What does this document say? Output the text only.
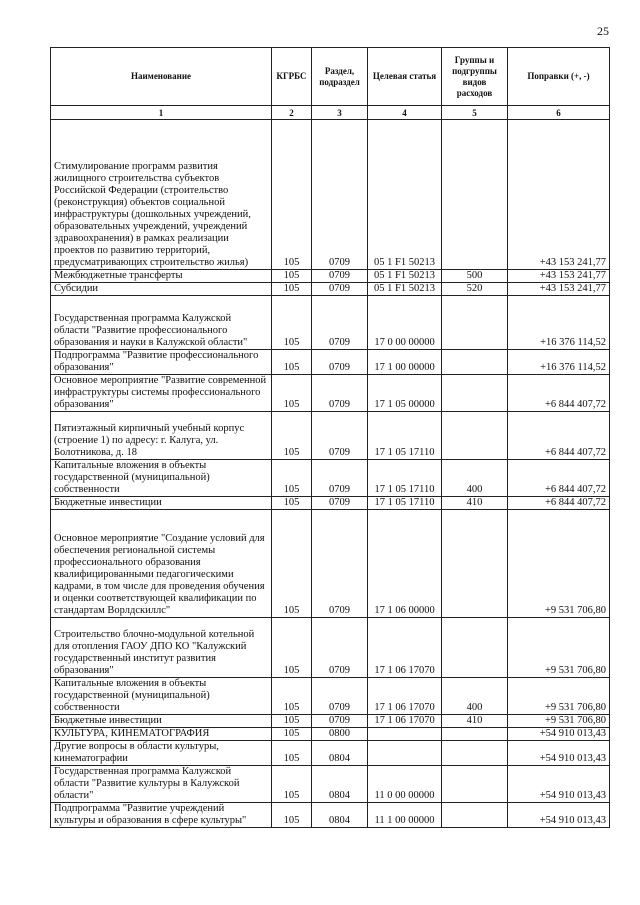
25
Наименование	КГРБС	Раздел, подраздел	Целевая статья	Группы и подгруппы видов расходов	Поправки (+, -)
1	2	3	4	5	6
Стимулирование программ развития жилищного строительства субъектов Российской Федерации (строительство (реконструкция) объектов социальной инфраструктуры (дошкольных учреждений, образовательных учреждений, учреждений здравоохранения) в рамках реализации проектов по развитию территорий, предусматривающих строительство жилья)	105	0709	05 1 F1 50213		+43 153 241,77
Межбюджетные трансферты	105	0709	05 1 F1 50213	500	+43 153 241,77
Субсидии	105	0709	05 1 F1 50213	520	+43 153 241,77
Государственная программа Калужской области "Развитие профессионального образования и науки в Калужской области"	105	0709	17 0 00 00000		+16 376 114,52
Подпрограмма "Развитие профессионального образования"	105	0709	17 1 00 00000		+16 376 114,52
Основное мероприятие "Развитие современной инфраструктуры системы профессионального образования"	105	0709	17 1 05 00000		+6 844 407,72
Пятиэтажный кирпичный учебный корпус (строение 1) по адресу: г. Калуга, ул. Болотникова, д. 18	105	0709	17 1 05 17110		+6 844 407,72
Капитальные вложения в объекты государственной (муниципальной) собственности	105	0709	17 1 05 17110	400	+6 844 407,72
Бюджетные инвестиции	105	0709	17 1 05 17110	410	+6 844 407,72
Основное мероприятие "Создание условий для обеспечения региональной системы профессионального образования квалифицированными педагогическими кадрами, в том числе для проведения обучения и оценки соответствующей квалификации по стандартам Ворлдскиллс"	105	0709	17 1 06 00000		+9 531 706,80
Строительство блочно-модульной котельной для отопления ГАОУ ДПО КО "Калужский государственный институт развития образования"	105	0709	17 1 06 17070		+9 531 706,80
Капитальные вложения в объекты государственной (муниципальной) собственности	105	0709	17 1 06 17070	400	+9 531 706,80
Бюджетные инвестиции	105	0709	17 1 06 17070	410	+9 531 706,80
КУЛЬТУРА, КИНЕМАТОГРАФИЯ	105	0800			+54 910 013,43
Другие вопросы в области культуры, кинематографии	105	0804			+54 910 013,43
Государственная программа Калужской области "Развитие культуры в Калужской области"	105	0804	11 0 00 00000		+54 910 013,43
Подпрограмма "Развитие учреждений культуры и образования в сфере культуры"	105	0804	11 1 00 00000		+54 910 013,43
